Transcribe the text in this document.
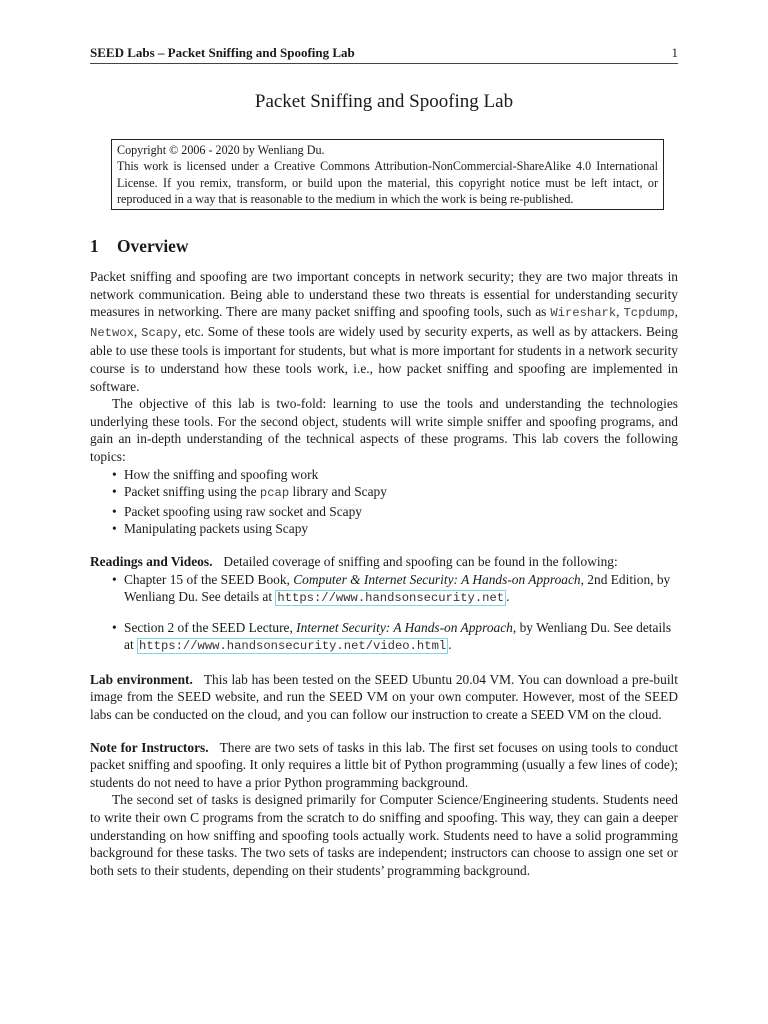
SEED Labs – Packet Sniffing and Spoofing Lab	1
Packet Sniffing and Spoofing Lab
Copyright © 2006 - 2020 by Wenliang Du.
This work is licensed under a Creative Commons Attribution-NonCommercial-ShareAlike 4.0 International License. If you remix, transform, or build upon the material, this copyright notice must be left intact, or reproduced in a way that is reasonable to the medium in which the work is being re-published.
1 Overview

Packet sniffing and spoofing are two important concepts in network security; they are two major threats in network communication. Being able to understand these two threats is essential for understanding security measures in networking. There are many packet sniffing and spoofing tools, such as Wireshark, Tcpdump, Netwox, Scapy, etc. Some of these tools are widely used by security experts, as well as by attackers. Being able to use these tools is important for students, but what is more important for students in a network security course is to understand how these tools work, i.e., how packet sniffing and spoofing are implemented in software.

The objective of this lab is two-fold: learning to use the tools and understanding the technologies underlying these tools. For the second object, students will write simple sniffer and spoofing programs, and gain an in-depth understanding of the technical aspects of these programs. This lab covers the following topics:

• How the sniffing and spoofing work
• Packet sniffing using the pcap library and Scapy
• Packet spoofing using raw socket and Scapy
• Manipulating packets using Scapy

Readings and Videos. Detailed coverage of sniffing and spoofing can be found in the following:

• Chapter 15 of the SEED Book, Computer & Internet Security: A Hands-on Approach, 2nd Edition, by Wenliang Du. See details at https://www.handsonsecurity.net .
• Section 2 of the SEED Lecture, Internet Security: A Hands-on Approach, by Wenliang Du. See details at https://www.handsonsecurity.net/video.html .

Lab environment. This lab has been tested on the SEED Ubuntu 20.04 VM. You can download a pre-built image from the SEED website, and run the SEED VM on your own computer. However, most of the SEED labs can be conducted on the cloud, and you can follow our instruction to create a SEED VM on the cloud.

Note for Instructors. There are two sets of tasks in this lab. The first set focuses on using tools to conduct packet sniffing and spoofing. It only requires a little bit of Python programming (usually a few lines of code); students do not need to have a prior Python programming background.

The second set of tasks is designed primarily for Computer Science/Engineering students. Students need to write their own C programs from the scratch to do sniffing and spoofing. This way, they can gain a deeper understanding on how sniffing and spoofing tools actually work. Students need to have a solid programming background for these tasks. The two sets of tasks are independent; instructors can choose to assign one set or both sets to their students, depending on their students’ programming background.
